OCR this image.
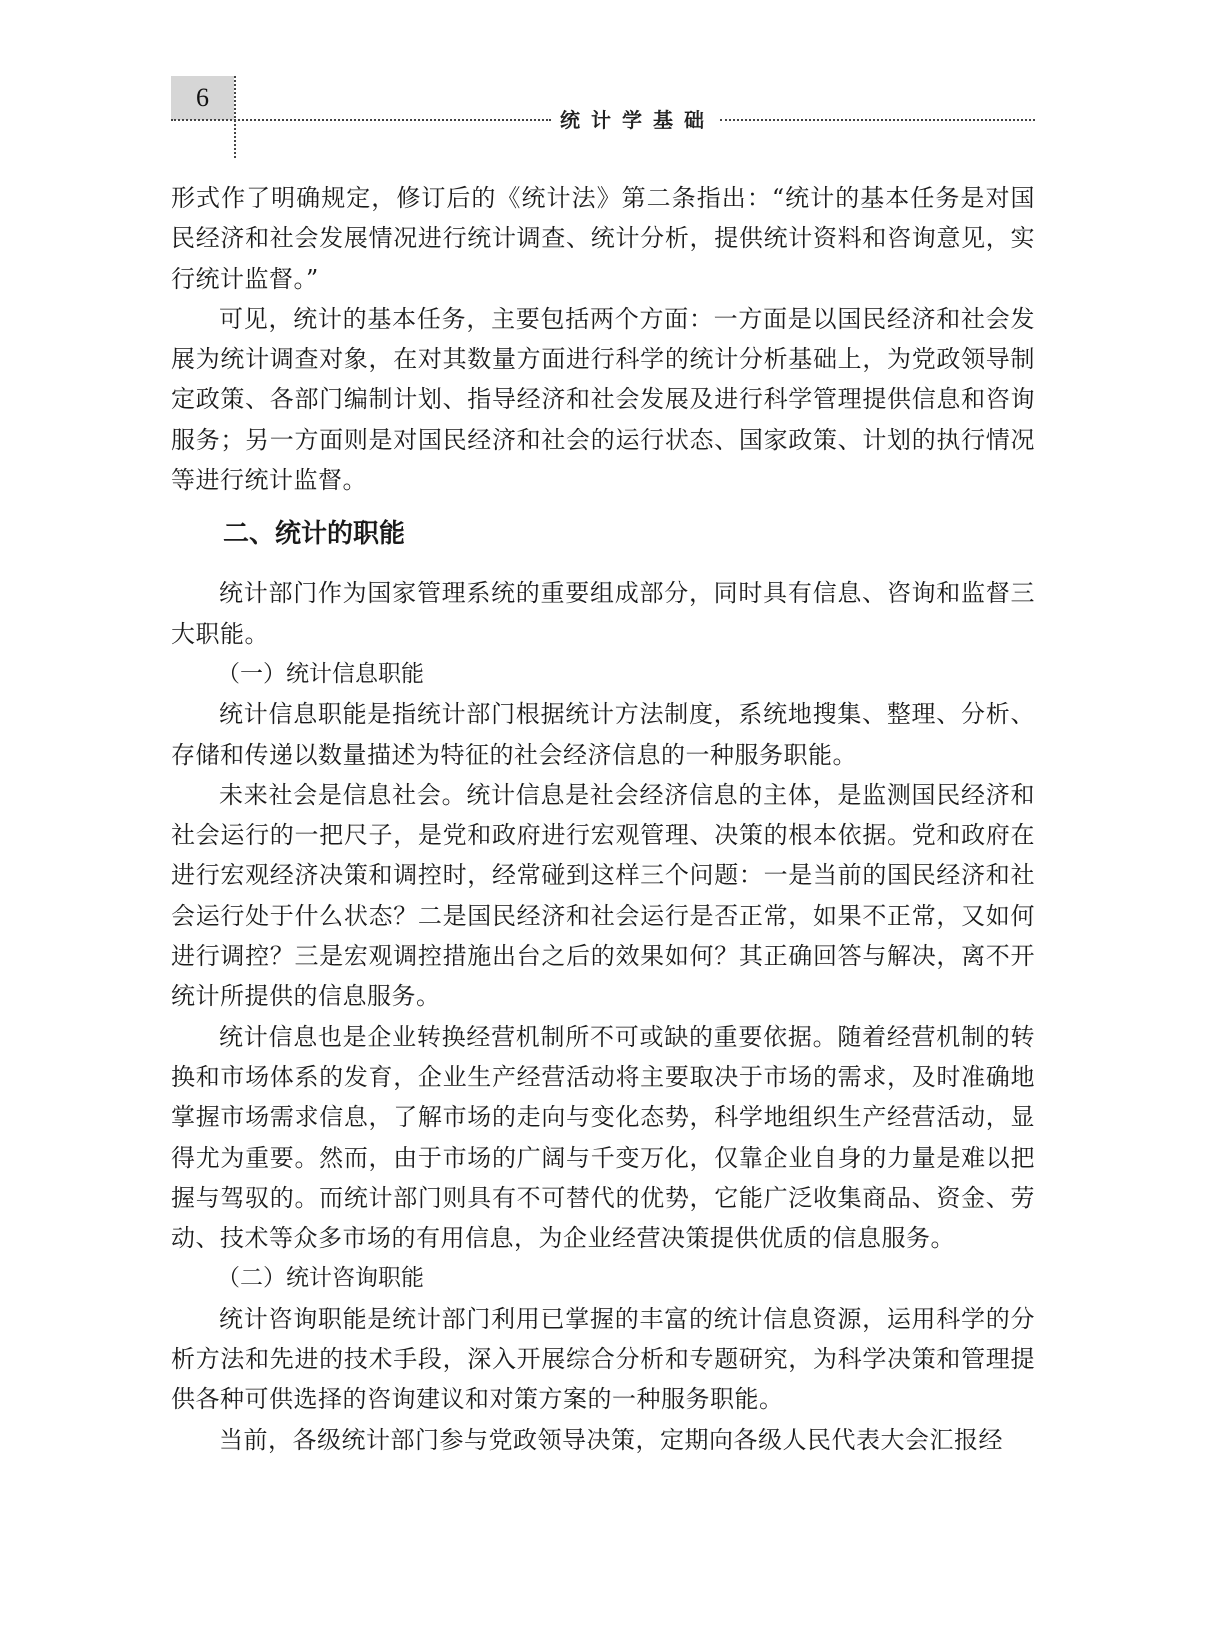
6
统计学基础

形式作了明确规定，修订后的《统计法》第二条指出：“统计的基本任务是对国民经济和社会发展情况进行统计调查、统计分析，提供统计资料和咨询意见，实行统计监督。”

可见，统计的基本任务，主要包括两个方面：一方面是以国民经济和社会发展为统计调查对象，在对其数量方面进行科学的统计分析基础上，为党政领导制定政策、各部门编制计划、指导经济和社会发展及进行科学管理提供信息和咨询服务；另一方面则是对国民经济和社会的运行状态、国家政策、计划的执行情况等进行统计监督。

二、统计的职能

统计部门作为国家管理系统的重要组成部分，同时具有信息、咨询和监督三大职能。

（一）统计信息职能

统计信息职能是指统计部门根据统计方法制度，系统地搜集、整理、分析、存储和传递以数量描述为特征的社会经济信息的一种服务职能。

未来社会是信息社会。统计信息是社会经济信息的主体，是监测国民经济和社会运行的一把尺子，是党和政府进行宏观管理、决策的根本依据。党和政府在进行宏观经济决策和调控时，经常碰到这样三个问题：一是当前的国民经济和社会运行处于什么状态？二是国民经济和社会运行是否正常，如果不正常，又如何进行调控？三是宏观调控措施出台之后的效果如何？其正确回答与解决，离不开统计所提供的信息服务。

统计信息也是企业转换经营机制所不可或缺的重要依据。随着经营机制的转换和市场体系的发育，企业生产经营活动将主要取决于市场的需求，及时准确地掌握市场需求信息，了解市场的走向与变化态势，科学地组织生产经营活动，显得尤为重要。然而，由于市场的广阔与千变万化，仅靠企业自身的力量是难以把握与驾驭的。而统计部门则具有不可替代的优势，它能广泛收集商品、资金、劳动、技术等众多市场的有用信息，为企业经营决策提供优质的信息服务。

（二）统计咨询职能

统计咨询职能是统计部门利用已掌握的丰富的统计信息资源，运用科学的分析方法和先进的技术手段，深入开展综合分析和专题研究，为科学决策和管理提供各种可供选择的咨询建议和对策方案的一种服务职能。

当前，各级统计部门参与党政领导决策，定期向各级人民代表大会汇报经
